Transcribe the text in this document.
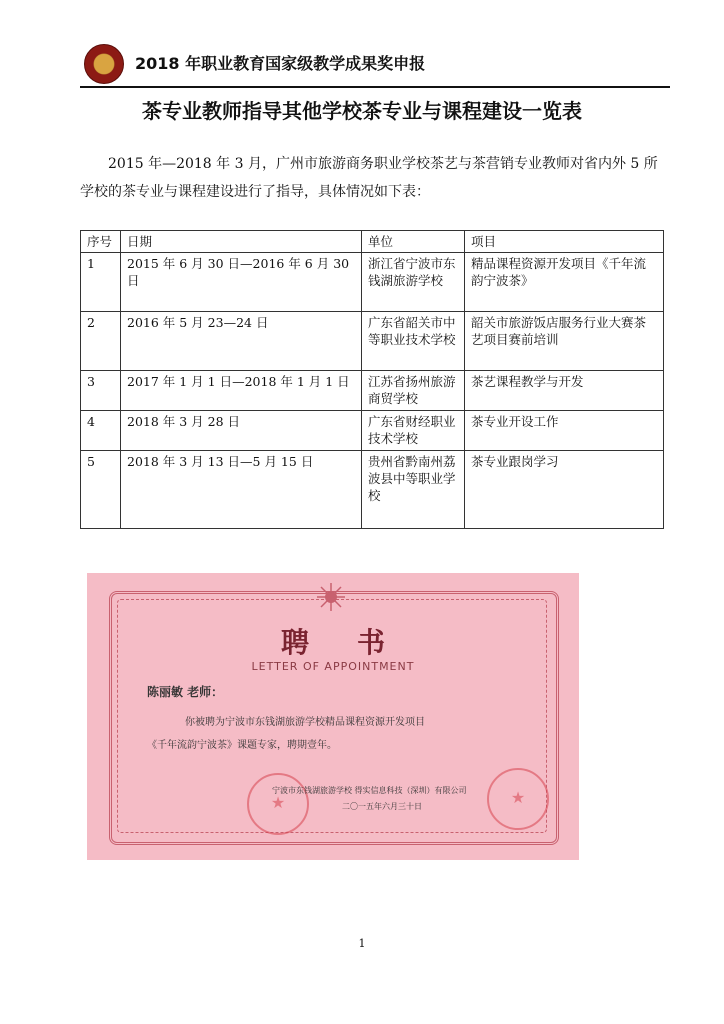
2018 年职业教育国家级教学成果奖申报
茶专业教师指导其他学校茶专业与课程建设一览表
2015 年—2018 年 3 月，广州市旅游商务职业学校茶艺与茶营销专业教师对省内外 5 所学校的茶专业与课程建设进行了指导，具体情况如下表：
序号	日期	单位	项目
1	2015 年 6 月 30 日—2016 年 6 月 30 日	浙江省宁波市东钱湖旅游学校	精品课程资源开发项目《千年流韵宁波茶》
2	2016 年 5 月 23—24 日	广东省韶关市中等职业技术学校	韶关市旅游饭店服务行业大赛茶艺项目赛前培训
3	2017 年 1 月 1 日—2018 年 1 月 1 日	江苏省扬州旅游商贸学校	茶艺课程教学与开发
4	2018 年 3 月 28 日	广东省财经职业技术学校	茶专业开设工作
5	2018 年 3 月 13 日—5 月 15 日	贵州省黔南州荔波县中等职业学校	茶专业跟岗学习
聘书
LETTER OF APPOINTMENT
陈丽敏 老师：
你被聘为宁波市东钱湖旅游学校精品课程资源开发项目
《千年流韵宁波茶》课题专家，聘期壹年。
★	★
宁波市东钱湖旅游学校 得实信息科技（深圳）有限公司
二〇一五年六月三十日
1
